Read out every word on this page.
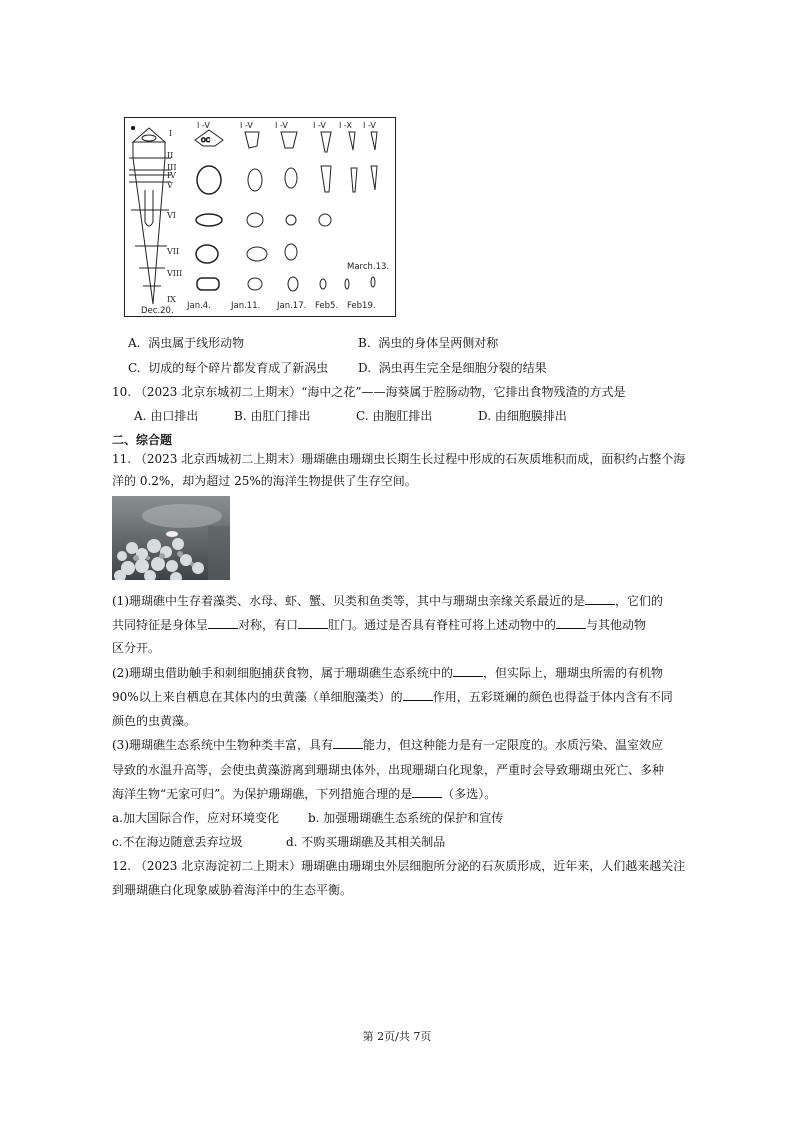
I
II
III
IV
V
VI
VII
VIII
IX
I -V	I -V	I -V	I -V I -X I -V
OC
March.13.
Dec.20. Jan.4. Jan.11. Jan.17. Feb5. Feb19.
A. 涡虫属于线形动物	B. 涡虫的身体呈两侧对称
C. 切成的每个碎片都发育成了新涡虫 D. 涡虫再生完全是细胞分裂的结果
10. （2023 北京东城初二上期末）“海中之花”——海葵属于腔肠动物，它排出食物残渣的方式是
A. 由口排出	B. 由肛门排出	C. 由胞肛排出	D. 由细胞膜排出
二、综合题
11. （2023 北京西城初二上期末）珊瑚礁由珊瑚虫长期生长过程中形成的石灰质堆积而成，面积约占整个海
洋的 0.2%，却为超过 25%的海洋生物提供了生存空间。
(1)珊瑚礁中生存着藻类、水母、虾、蟹、贝类和鱼类等，其中与珊瑚虫亲缘关系最近的是	，它们的
共同特征是身体呈	对称，有口	肛门。通过是否具有脊柱可将上述动物中的	与其他动物
区分开。
(2)珊瑚虫借助触手和刺细胞捕获食物，属于珊瑚礁生态系统中的	，但实际上，珊瑚虫所需的有机物
90%以上来自栖息在其体内的虫黄藻（单细胞藻类）的	作用，五彩斑斓的颜色也得益于体内含有不同
颜色的虫黄藻。
(3)珊瑚礁生态系统中生物种类丰富，具有	能力，但这种能力是有一定限度的。水质污染、温室效应
导致的水温升高等，会使虫黄藻游离到珊瑚虫体外，出现珊瑚白化现象，严重时会导致珊瑚虫死亡、多种
海洋生物“无家可归”。为保护珊瑚礁，下列措施合理的是	（多选）。
a.加大国际合作，应对环境变化 b. 加强珊瑚礁生态系统的保护和宣传
c.不在海边随意丢弃垃圾	d. 不购买珊瑚礁及其相关制品
12. （2023 北京海淀初二上期末）珊瑚礁由珊瑚虫外层细胞所分泌的石灰质形成，近年来，人们越来越关注
到珊瑚礁白化现象威胁着海洋中的生态平衡。
第 2页/共 7页
